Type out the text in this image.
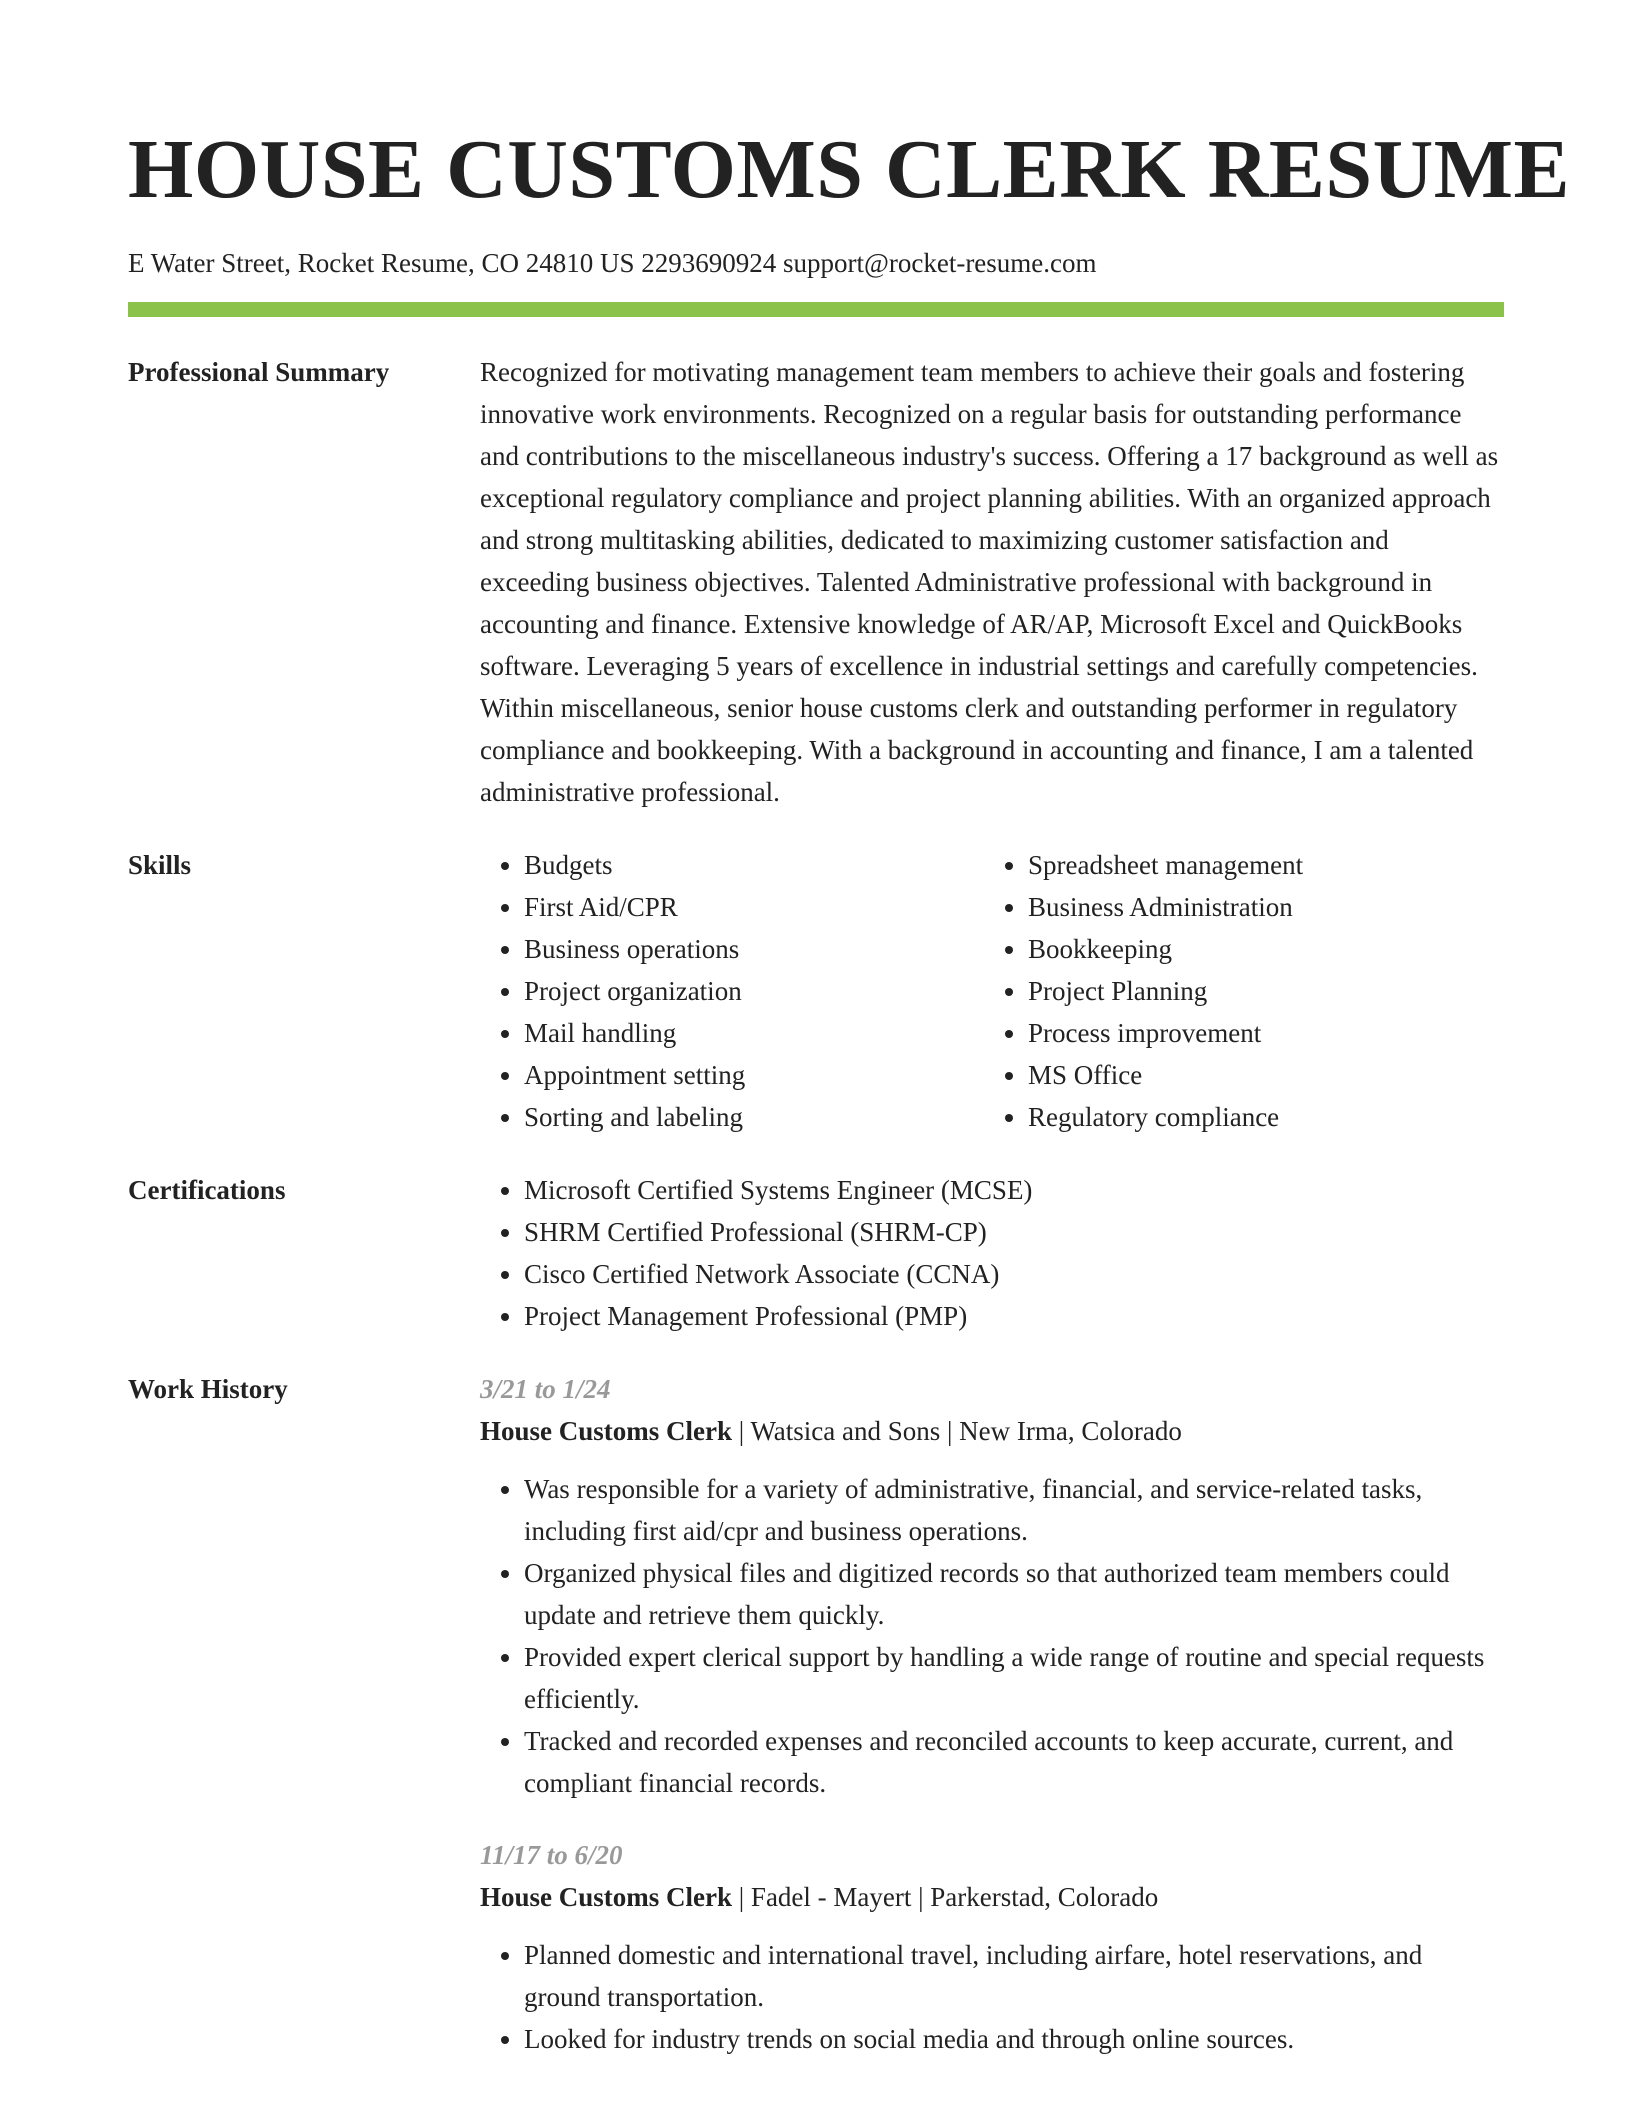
HOUSE CUSTOMS CLERK RESUME
E Water Street, Rocket Resume, CO 24810 US 2293690924 support@rocket-resume.com
Professional Summary	Recognized for motivating management team members to achieve their goals and fostering innovative work environments. Recognized on a regular basis for outstanding performance and contributions to the miscellaneous industry's success. Offering a 17 background as well as exceptional regulatory compliance and project planning abilities. With an organized approach and strong multitasking abilities, dedicated to maximizing customer satisfaction and exceeding business objectives. Talented Administrative professional with background in accounting and finance. Extensive knowledge of AR/AP, Microsoft Excel and QuickBooks software. Leveraging 5 years of excellence in industrial settings and carefully competencies. Within miscellaneous, senior house customs clerk and outstanding performer in regulatory compliance and bookkeeping. With a background in accounting and finance, I am a talented administrative professional.

Skills	• Budgets
• First Aid/CPR
• Business operations
• Project organization
• Mail handling
• Appointment setting
• Sorting and labeling
• Spreadsheet management
• Business Administration
• Bookkeeping
• Project Planning
• Process improvement
• MS Office
• Regulatory compliance
Certifications	• Microsoft Certified Systems Engineer (MCSE)
• SHRM Certified Professional (SHRM-CP)
• Cisco Certified Network Associate (CCNA)
• Project Management Professional (PMP)
Work History	3/21 to 1/24
House Customs Clerk | Watsica and Sons | New Irma, Colorado
• Was responsible for a variety of administrative, financial, and service-related tasks, including first aid/cpr and business operations.
• Organized physical files and digitized records so that authorized team members could update and retrieve them quickly.
• Provided expert clerical support by handling a wide range of routine and special requests efficiently.
• Tracked and recorded expenses and reconciled accounts to keep accurate, current, and compliant financial records.
11/17 to 6/20
House Customs Clerk | Fadel - Mayert | Parkerstad, Colorado
• Planned domestic and international travel, including airfare, hotel reservations, and ground transportation.
• Looked for industry trends on social media and through online sources.
